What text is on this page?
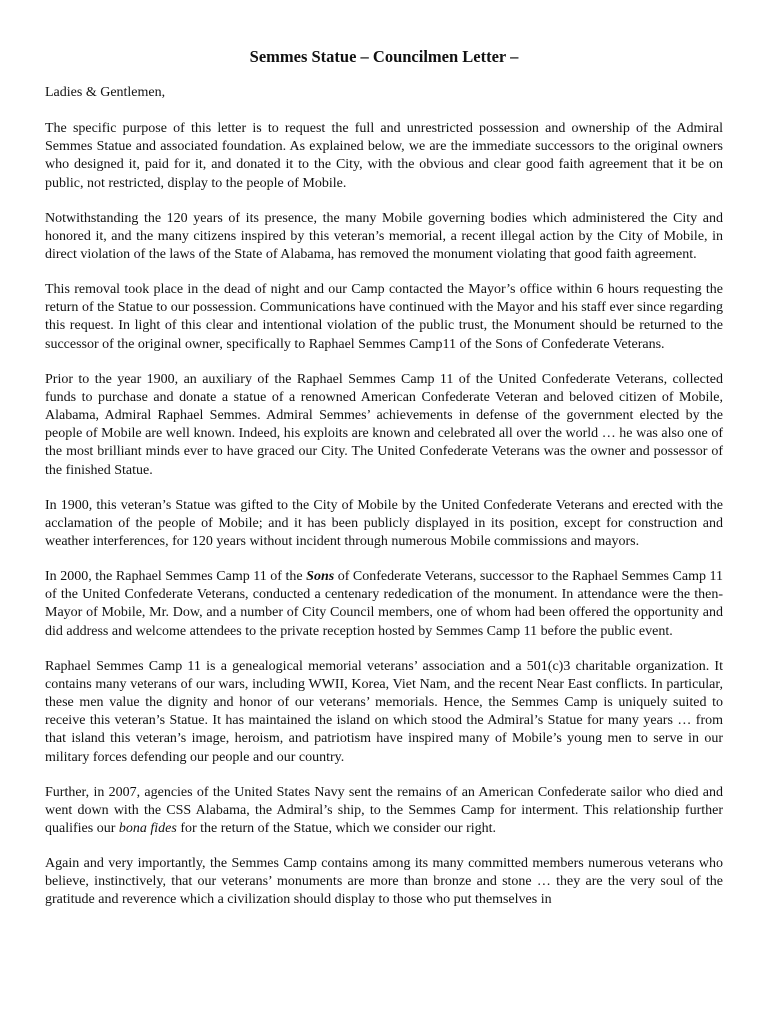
Semmes Statue – Councilmen Letter –
Ladies & Gentlemen,

The specific purpose of this letter is to request the full and unrestricted possession and ownership of the Admiral Semmes Statue and associated foundation. As explained below, we are the immediate successors to the original owners who designed it, paid for it, and donated it to the City, with the obvious and clear good faith agreement that it be on public, not restricted, display to the people of Mobile.

Notwithstanding the 120 years of its presence, the many Mobile governing bodies which administered the City and honored it, and the many citizens inspired by this veteran’s memorial, a recent illegal action by the City of Mobile, in direct violation of the laws of the State of Alabama, has removed the monument violating that good faith agreement.

This removal took place in the dead of night and our Camp contacted the Mayor’s office within 6 hours requesting the return of the Statue to our possession. Communications have continued with the Mayor and his staff ever since regarding this request. In light of this clear and intentional violation of the public trust, the Monument should be returned to the successor of the original owner, specifically to Raphael Semmes Camp11 of the Sons of Confederate Veterans.

Prior to the year 1900, an auxiliary of the Raphael Semmes Camp 11 of the United Confederate Veterans, collected funds to purchase and donate a statue of a renowned American Confederate Veteran and beloved citizen of Mobile, Alabama, Admiral Raphael Semmes. Admiral Semmes’ achievements in defense of the government elected by the people of Mobile are well known. Indeed, his exploits are known and celebrated all over the world … he was also one of the most brilliant minds ever to have graced our City. The United Confederate Veterans was the owner and possessor of the finished Statue.

In 1900, this veteran’s Statue was gifted to the City of Mobile by the United Confederate Veterans and erected with the acclamation of the people of Mobile; and it has been publicly displayed in its position, except for construction and weather interferences, for 120 years without incident through numerous Mobile commissions and mayors.

In 2000, the Raphael Semmes Camp 11 of the Sons of Confederate Veterans, successor to the Raphael Semmes Camp 11 of the United Confederate Veterans, conducted a centenary rededication of the monument. In attendance were the then-Mayor of Mobile, Mr. Dow, and a number of City Council members, one of whom had been offered the opportunity and did address and welcome attendees to the private reception hosted by Semmes Camp 11 before the public event.

Raphael Semmes Camp 11 is a genealogical memorial veterans’ association and a 501(c)3 charitable organization. It contains many veterans of our wars, including WWII, Korea, Viet Nam, and the recent Near East conflicts. In particular, these men value the dignity and honor of our veterans’ memorials. Hence, the Semmes Camp is uniquely suited to receive this veteran’s Statue. It has maintained the island on which stood the Admiral’s Statue for many years … from that island this veteran’s image, heroism, and patriotism have inspired many of Mobile’s young men to serve in our military forces defending our people and our country.

Further, in 2007, agencies of the United States Navy sent the remains of an American Confederate sailor who died and went down with the CSS Alabama, the Admiral’s ship, to the Semmes Camp for interment. This relationship further qualifies our bona fides for the return of the Statue, which we consider our right.

Again and very importantly, the Semmes Camp contains among its many committed members numerous veterans who believe, instinctively, that our veterans’ monuments are more than bronze and stone … they are the very soul of the gratitude and reverence which a civilization should display to those who put themselves in
